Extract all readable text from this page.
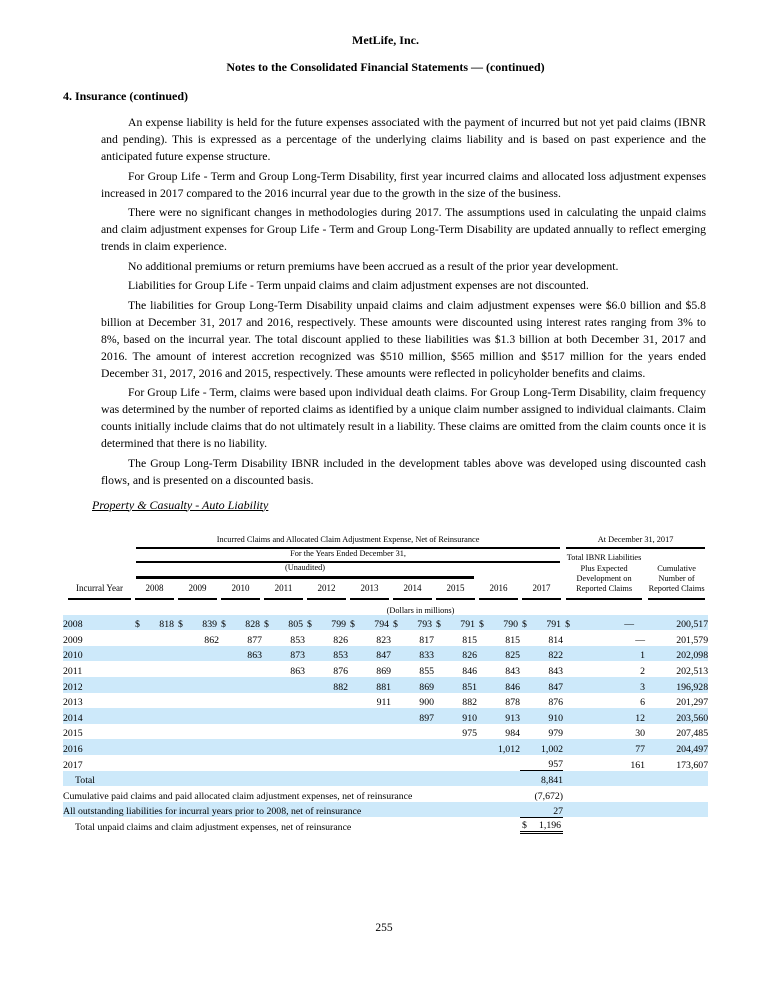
MetLife, Inc.
Notes to the Consolidated Financial Statements — (continued)
4. Insurance (continued)

An expense liability is held for the future expenses associated with the payment of incurred but not yet paid claims (IBNR and pending). This is expressed as a percentage of the underlying claims liability and is based on past experience and the anticipated future expense structure.

For Group Life - Term and Group Long-Term Disability, first year incurred claims and allocated loss adjustment expenses increased in 2017 compared to the 2016 incurral year due to the growth in the size of the business.

There were no significant changes in methodologies during 2017. The assumptions used in calculating the unpaid claims and claim adjustment expenses for Group Life - Term and Group Long-Term Disability are updated annually to reflect emerging trends in claim experience.

No additional premiums or return premiums have been accrued as a result of the prior year development.

Liabilities for Group Life - Term unpaid claims and claim adjustment expenses are not discounted.

The liabilities for Group Long-Term Disability unpaid claims and claim adjustment expenses were $6.0 billion and $5.8 billion at December 31, 2017 and 2016, respectively. These amounts were discounted using interest rates ranging from 3% to 8%, based on the incurral year. The total discount applied to these liabilities was $1.3 billion at both December 31, 2017 and 2016. The amount of interest accretion recognized was $510 million, $565 million and $517 million for the years ended December 31, 2017, 2016 and 2015, respectively. These amounts were reflected in policyholder benefits and claims.

For Group Life - Term, claims were based upon individual death claims. For Group Long-Term Disability, claim frequency was determined by the number of reported claims as identified by a unique claim number assigned to individual claimants. Claim counts initially include claims that do not ultimately result in a liability. These claims are omitted from the claim counts once it is determined that there is no liability.

The Group Long-Term Disability IBNR included in the development tables above was developed using discounted cash flows, and is presented on a discounted basis.

Property & Casualty - Auto Liability

	Incurred Claims and Allocated Claim Adjustment Expense, Net of Reinsurance										At December 31, 2017	

	For the Years Ended December 31,										Total IBNR Liabilities Plus Expected Development on Reported Claims	Cumulative Number of Reported Claims

	(Unaudited)											

Incurral Year	2008	2009	2010	2011	2012	2013	2014	2015	2016	2017		

	(Dollars in millions)											
2008	$ 818	$ 839	$ 828	$ 805	$ 799	$ 794	$ 793	$ 791	$ 790	$ 791	$ —	200,517
2009		862	877	853	826	823	817	815	815	814	—	201,579
2010			863	873	853	847	833	826	825	822	1	202,098
2011				863	876	869	855	846	843	843	2	202,513
2012					882	881	869	851	846	847	3	196,928
2013						911	900	882	878	876	6	201,297
2014							897	910	913	910	12	203,560
2015								975	984	979	30	207,485
2016									1,012	1,002	77	204,497
2017										957	161	173,607
Total										8,841		
Cumulative paid claims and paid allocated claim adjustment expenses, net of reinsurance										(7,672)		
All outstanding liabilities for incurral years prior to 2008, net of reinsurance										27		
Total unpaid claims and claim adjustment expenses, net of reinsurance										$ 1,196		

255
